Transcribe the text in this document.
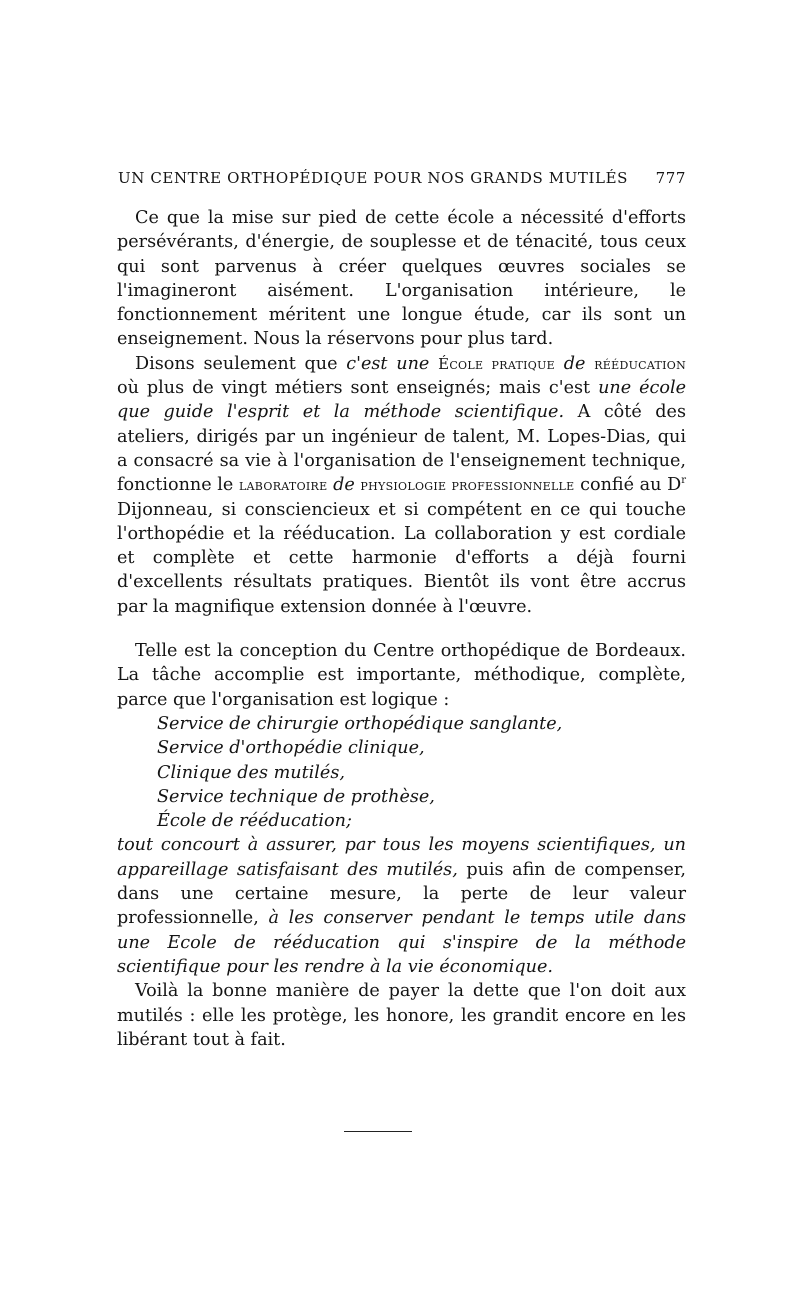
UN CENTRE ORTHOPÉDIQUE POUR NOS GRANDS MUTILÉS 777

Ce que la mise sur pied de cette école a nécessité d'efforts persévérants, d'énergie, de souplesse et de ténacité, tous ceux qui sont parvenus à créer quelques œuvres sociales se l'imagineront aisément. L'organisation intérieure, le fonctionnement méritent une longue étude, car ils sont un enseignement. Nous la réservons pour plus tard.

Disons seulement que c'est une École pratique de rééducation où plus de vingt métiers sont enseignés; mais c'est une école que guide l'esprit et la méthode scientifique. A côté des ateliers, dirigés par un ingénieur de talent, M. Lopes-Dias, qui a consacré sa vie à l'organisation de l'enseignement technique, fonctionne le laboratoire de physiologie professionnelle confié au $D^r$ Dijonneau, si consciencieux et si compétent en ce qui touche l'orthopédie et la rééducation. La collaboration y est cordiale et complète et cette harmonie d'efforts a déjà fourni d'excellents résultats pratiques. Bientôt ils vont être accrus par la magnifique extension donnée à l'œuvre.

Telle est la conception du Centre orthopédique de Bordeaux. La tâche accomplie est importante, méthodique, complète, parce que l'organisation est logique :

Service de chirurgie orthopédique sanglante,
Service d'orthopédie clinique,
Clinique des mutilés,
Service technique de prothèse,
École de rééducation;

tout concourt à assurer, par tous les moyens scientifiques, un appareillage satisfaisant des mutilés, puis afin de compenser, dans une certaine mesure, la perte de leur valeur professionnelle, à les conserver pendant le temps utile dans une Ecole de rééducation qui s'inspire de la méthode scientifique pour les rendre à la vie économique.

Voilà la bonne manière de payer la dette que l'on doit aux mutilés : elle les protège, les honore, les grandit encore en les libérant tout à fait.
